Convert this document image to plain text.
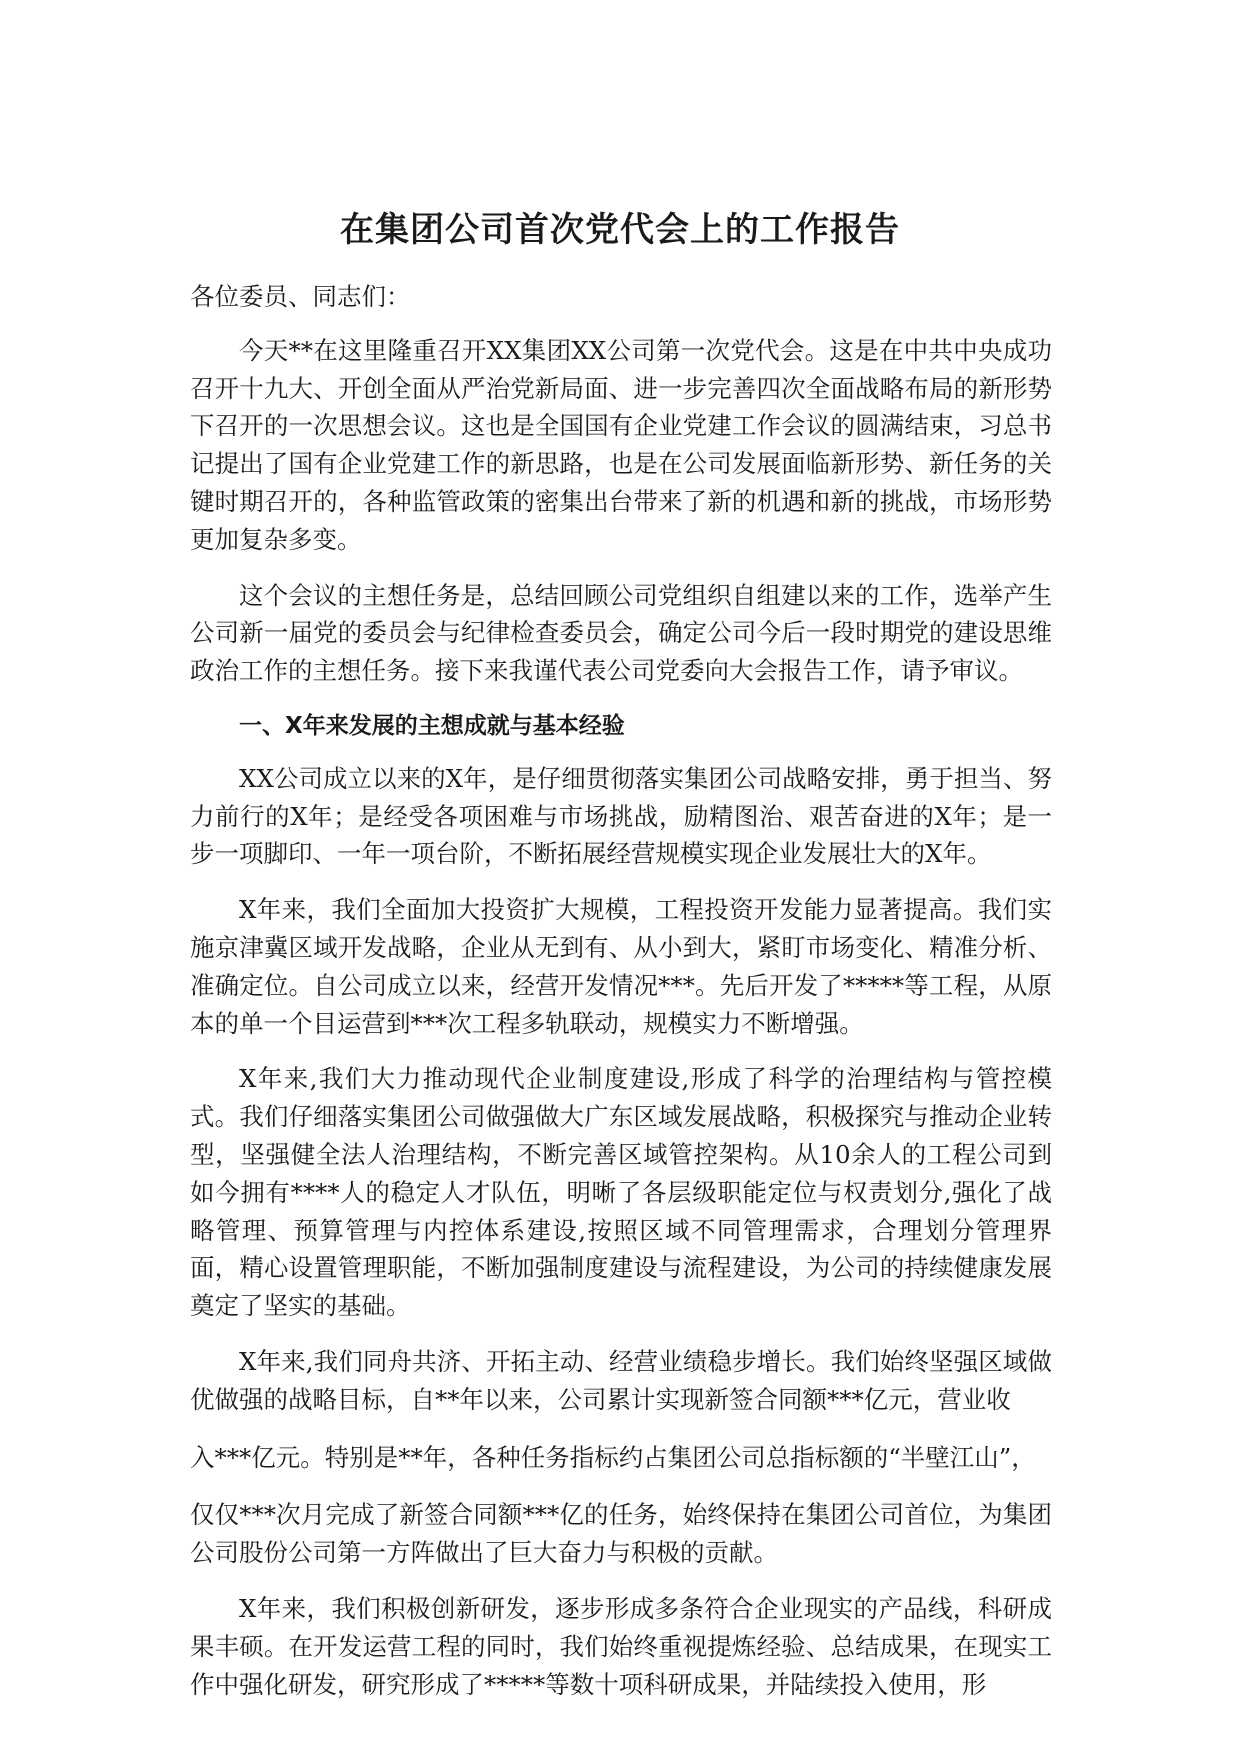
在集团公司首次党代会上的工作报告

各位委员、同志们：

今天**在这里隆重召开XX集团XX公司第一次党代会。这是在中共中央成功召开十九大、开创全面从严治党新局面、进一步完善四次全面战略布局的新形势下召开的一次思想会议。这也是全国国有企业党建工作会议的圆满结束，习总书记提出了国有企业党建工作的新思路，也是在公司发展面临新形势、新任务的关键时期召开的，各种监管政策的密集出台带来了新的机遇和新的挑战，市场形势更加复杂多变。

这个会议的主想任务是，总结回顾公司党组织自组建以来的工作，选举产生公司新一届党的委员会与纪律检查委员会，确定公司今后一段时期党的建设思维政治工作的主想任务。接下来我谨代表公司党委向大会报告工作，请予审议。

一、X年来发展的主想成就与基本经验

XX公司成立以来的X年，是仔细贯彻落实集团公司战略安排，勇于担当、努力前行的X年；是经受各项困难与市场挑战，励精图治、艰苦奋进的X年；是一步一项脚印、一年一项台阶，不断拓展经营规模实现企业发展壮大的X年。

X年来，我们全面加大投资扩大规模，工程投资开发能力显著提高。我们实施京津冀区域开发战略，企业从无到有、从小到大，紧盯市场变化、精准分析、准确定位。自公司成立以来，经营开发情况***。先后开发了*****等工程，从原本的单一个目运营到***次工程多轨联动，规模实力不断增强。

X年来,我们大力推动现代企业制度建设,形成了科学的治理结构与管控模式。我们仔细落实集团公司做强做大广东区域发展战略，积极探究与推动企业转型，坚强健全法人治理结构，不断完善区域管控架构。从10余人的工程公司到如今拥有****人的稳定人才队伍，明晰了各层级职能定位与权责划分,强化了战略管理、预算管理与内控体系建设,按照区域不同管理需求，合理划分管理界面，精心设置管理职能，不断加强制度建设与流程建设，为公司的持续健康发展奠定了坚实的基础。

X年来,我们同舟共济、开拓主动、经营业绩稳步增长。我们始终坚强区域做优做强的战略目标，自**年以来，公司累计实现新签合同额***亿元，营业收
入***亿元。特别是**年，各种任务指标约占集团公司总指标额的“半壁江山”，
仅仅***次月完成了新签合同额***亿的任务，始终保持在集团公司首位，为集团公司股份公司第一方阵做出了巨大奋力与积极的贡献。

X年来，我们积极创新研发，逐步形成多条符合企业现实的产品线，科研成果丰硕。在开发运营工程的同时，我们始终重视提炼经验、总结成果，在现实工作中强化研发，研究形成了*****等数十项科研成果，并陆续投入使用，形
